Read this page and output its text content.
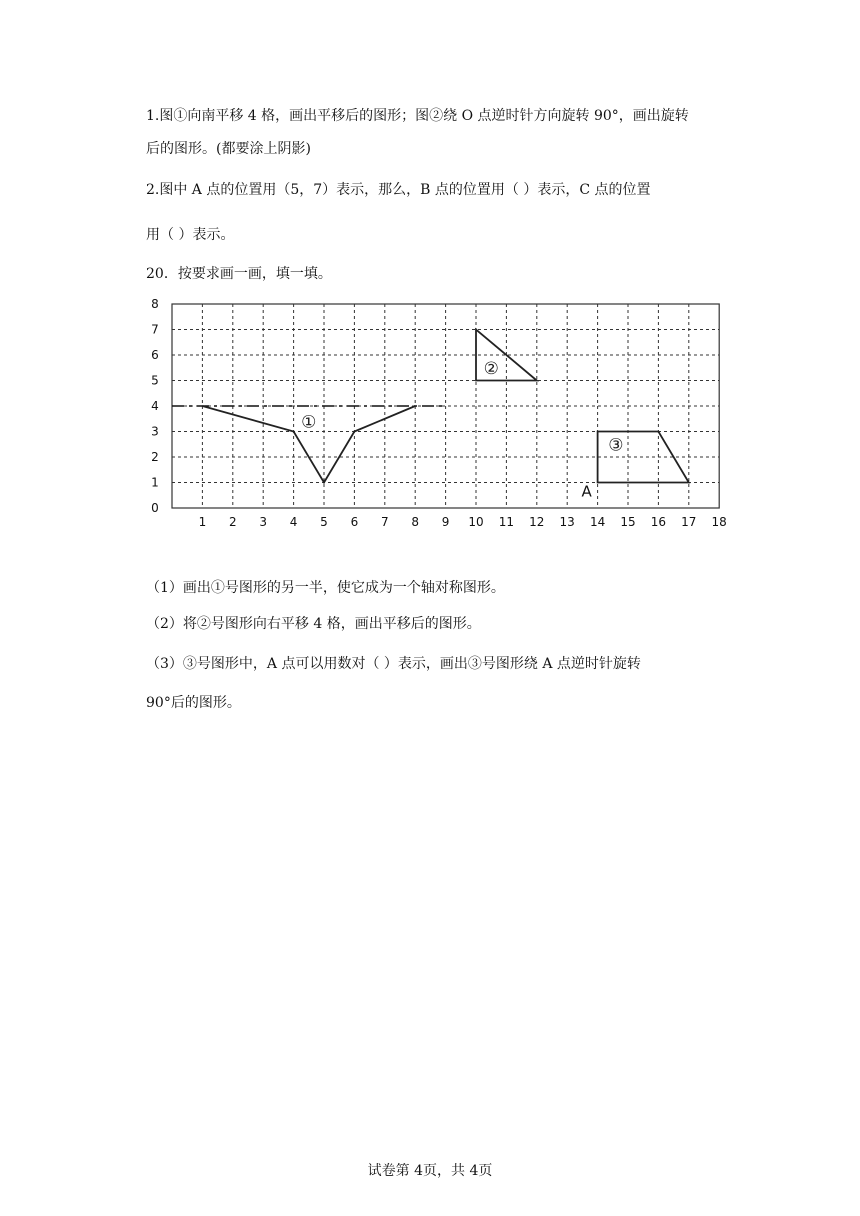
1.图①向南平移 4 格，画出平移后的图形；图②绕 O 点逆时针方向旋转 90°，画出旋转
后的图形。(都要涂上阴影)
2.图中 A 点的位置用（5，7）表示，那么，B 点的位置用（ ）表示，C 点的位置
用（ ）表示。
20．按要求画一画，填一填。
1 2 3 4 5 6 7 8 9 10 11 12 13 14 15 16 17 18
0
1
2
3
4
5
6
7
8
①
②
③
A
（1）画出①号图形的另一半，使它成为一个轴对称图形。
（2）将②号图形向右平移 4 格，画出平移后的图形。
（3）③号图形中，A 点可以用数对（ ）表示，画出③号图形绕 A 点逆时针旋转
90°后的图形。
试卷第 4页，共 4页
